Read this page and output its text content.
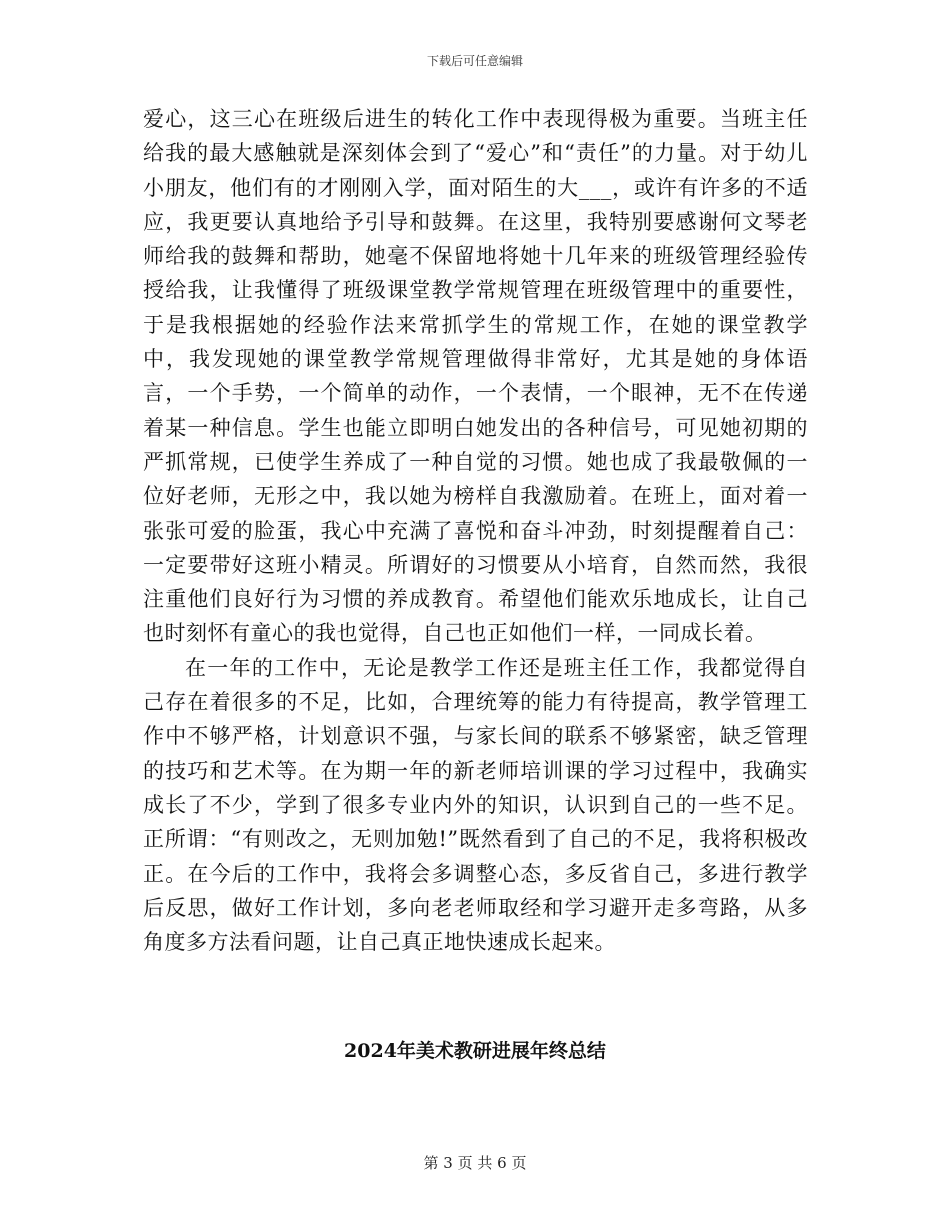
下载后可任意编辑

爱心，这三心在班级后进生的转化工作中表现得极为重要。当班主任给我的最大感触就是深刻体会到了“爱心”和“责任”的力量。对于幼儿小朋友，他们有的才刚刚入学，面对陌生的大___，或许有许多的不适应，我更要认真地给予引导和鼓舞。在这里，我特别要感谢何文琴老师给我的鼓舞和帮助，她毫不保留地将她十几年来的班级管理经验传授给我，让我懂得了班级课堂教学常规管理在班级管理中的重要性，于是我根据她的经验作法来常抓学生的常规工作，在她的课堂教学中，我发现她的课堂教学常规管理做得非常好，尤其是她的身体语言，一个手势，一个简单的动作，一个表情，一个眼神，无不在传递着某一种信息。学生也能立即明白她发出的各种信号，可见她初期的严抓常规，已使学生养成了一种自觉的习惯。她也成了我最敬佩的一位好老师，无形之中，我以她为榜样自我激励着。在班上，面对着一张张可爱的脸蛋，我心中充满了喜悦和奋斗冲劲，时刻提醒着自己：一定要带好这班小精灵。所谓好的习惯要从小培育，自然而然，我很注重他们良好行为习惯的养成教育。希望他们能欢乐地成长，让自己也时刻怀有童心的我也觉得，自己也正如他们一样，一同成长着。

在一年的工作中，无论是教学工作还是班主任工作，我都觉得自己存在着很多的不足，比如，合理统筹的能力有待提高，教学管理工作中不够严格，计划意识不强，与家长间的联系不够紧密，缺乏管理的技巧和艺术等。在为期一年的新老师培训课的学习过程中，我确实成长了不少，学到了很多专业内外的知识，认识到自己的一些不足。正所谓：“有则改之，无则加勉!”既然看到了自己的不足，我将积极改正。在今后的工作中，我将会多调整心态，多反省自己，多进行教学后反思，做好工作计划，多向老老师取经和学习避开走多弯路，从多角度多方法看问题，让自己真正地快速成长起来。

2024年美术教研进展年终总结
第 3 页 共 6 页
